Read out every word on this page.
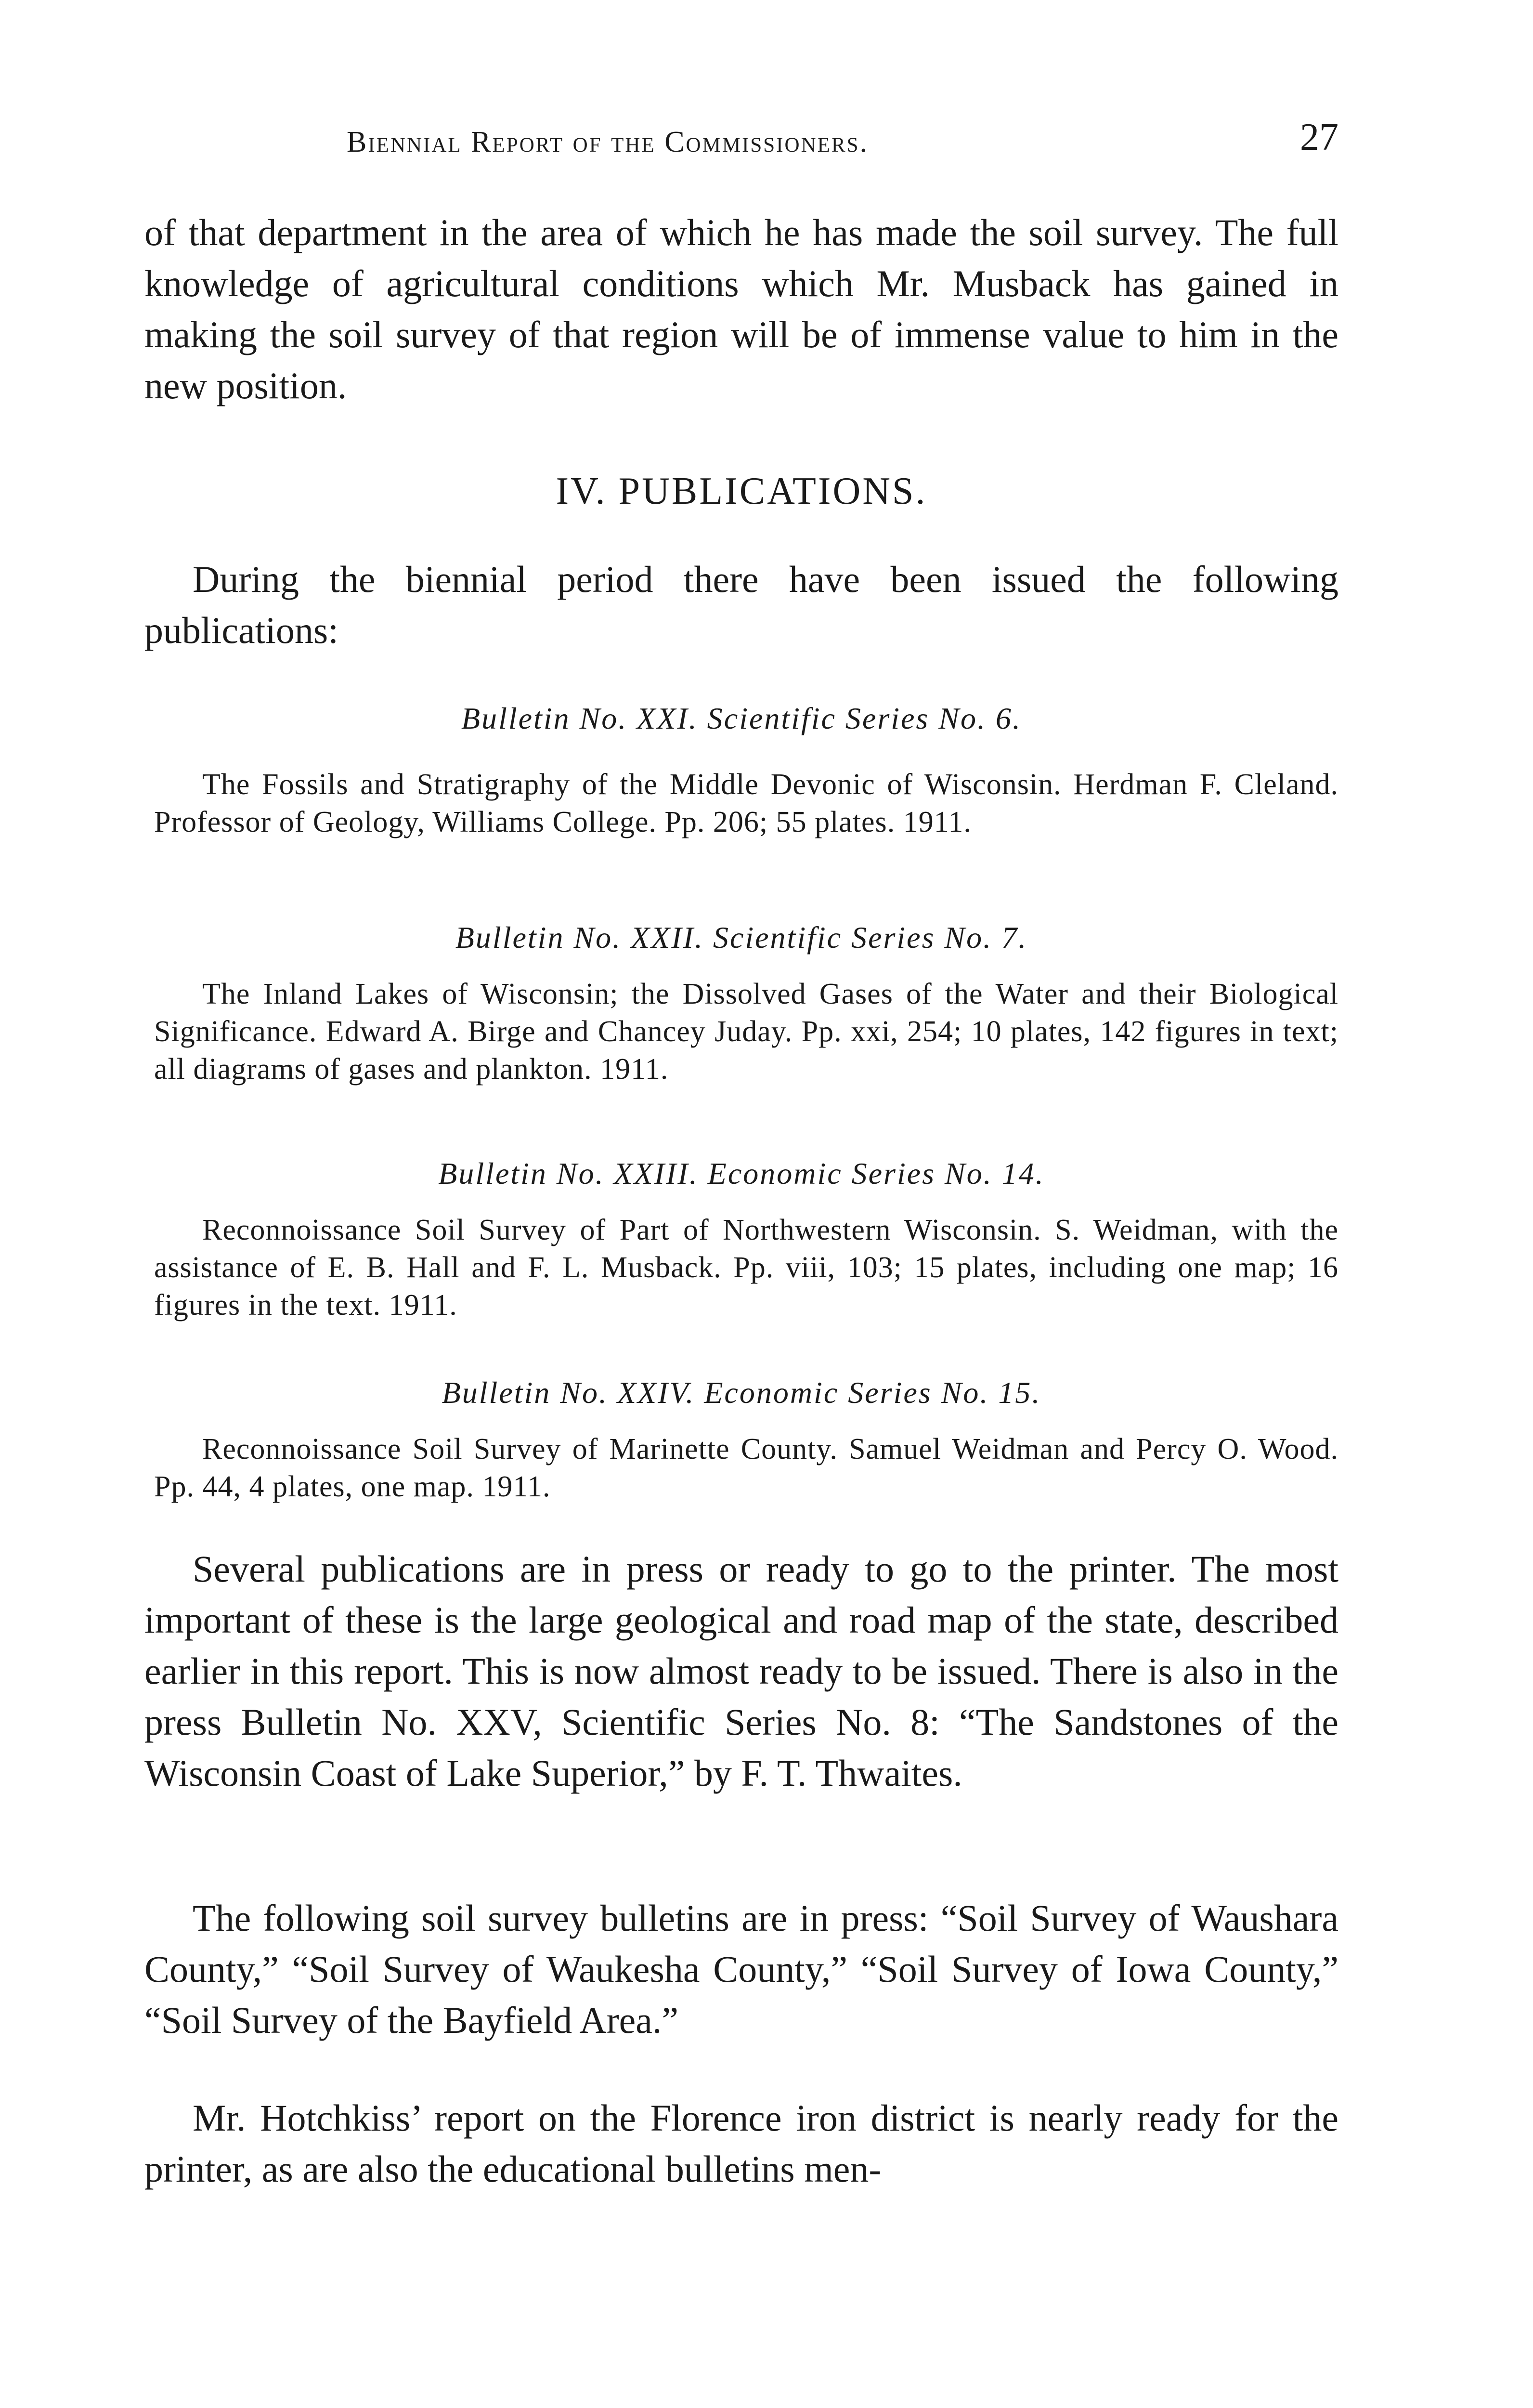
Biennial Report of the Commissioners.	27

of that department in the area of which he has made the soil survey. The full knowledge of agricultural conditions which Mr. Musback has gained in making the soil survey of that region will be of immense value to him in the new position.

IV. PUBLICATIONS.

During the biennial period there have been issued the following publications:

Bulletin No. XXI. Scientific Series No. 6.

The Fossils and Stratigraphy of the Middle Devonic of Wisconsin. Herdman F. Cleland. Professor of Geology, Williams College. Pp. 206; 55 plates. 1911.

Bulletin No. XXII. Scientific Series No. 7.

The Inland Lakes of Wisconsin; the Dissolved Gases of the Water and their Biological Significance. Edward A. Birge and Chancey Juday. Pp. xxi, 254; 10 plates, 142 figures in text; all diagrams of gases and plankton. 1911.

Bulletin No. XXIII. Economic Series No. 14.

Reconnoissance Soil Survey of Part of Northwestern Wisconsin. S. Weidman, with the assistance of E. B. Hall and F. L. Musback. Pp. viii, 103; 15 plates, including one map; 16 figures in the text. 1911.

Bulletin No. XXIV. Economic Series No. 15.

Reconnoissance Soil Survey of Marinette County. Samuel Weidman and Percy O. Wood. Pp. 44, 4 plates, one map. 1911.

Several publications are in press or ready to go to the printer. The most important of these is the large geological and road map of the state, described earlier in this report. This is now almost ready to be issued. There is also in the press Bulletin No. XXV, Scientific Series No. 8: “The Sandstones of the Wisconsin Coast of Lake Superior,” by F. T. Thwaites.

The following soil survey bulletins are in press: “Soil Survey of Waushara County,” “Soil Survey of Waukesha County,” “Soil Survey of Iowa County,” “Soil Survey of the Bayfield Area.”

Mr. Hotchkiss’ report on the Florence iron district is nearly ready for the printer, as are also the educational bulletins men-
